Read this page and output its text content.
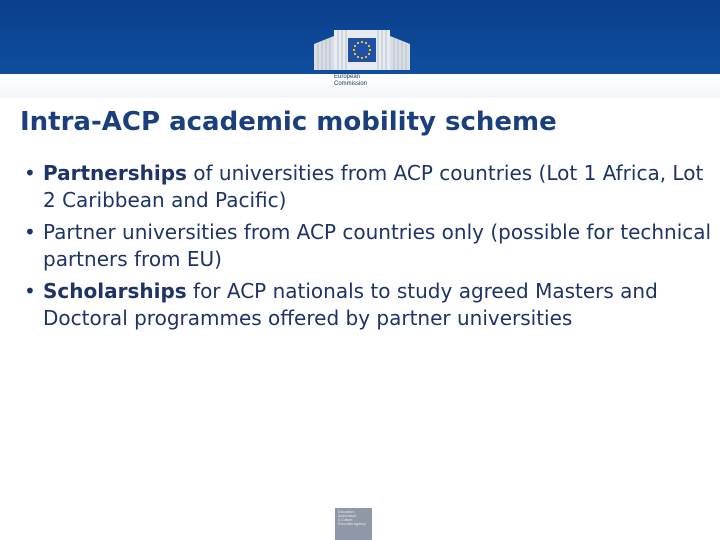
European
Commission
Intra-ACP academic mobility scheme
• Partnerships of universities from ACP countries (Lot 1 Africa, Lot 2 Caribbean and Pacific)
• Partner universities from ACP countries only (possible for technical partners from EU)
• Scholarships for ACP nationals to study agreed Masters and Doctoral programmes offered by partner universities
Education,
Audiovisual
& Culture
Executive Agency
